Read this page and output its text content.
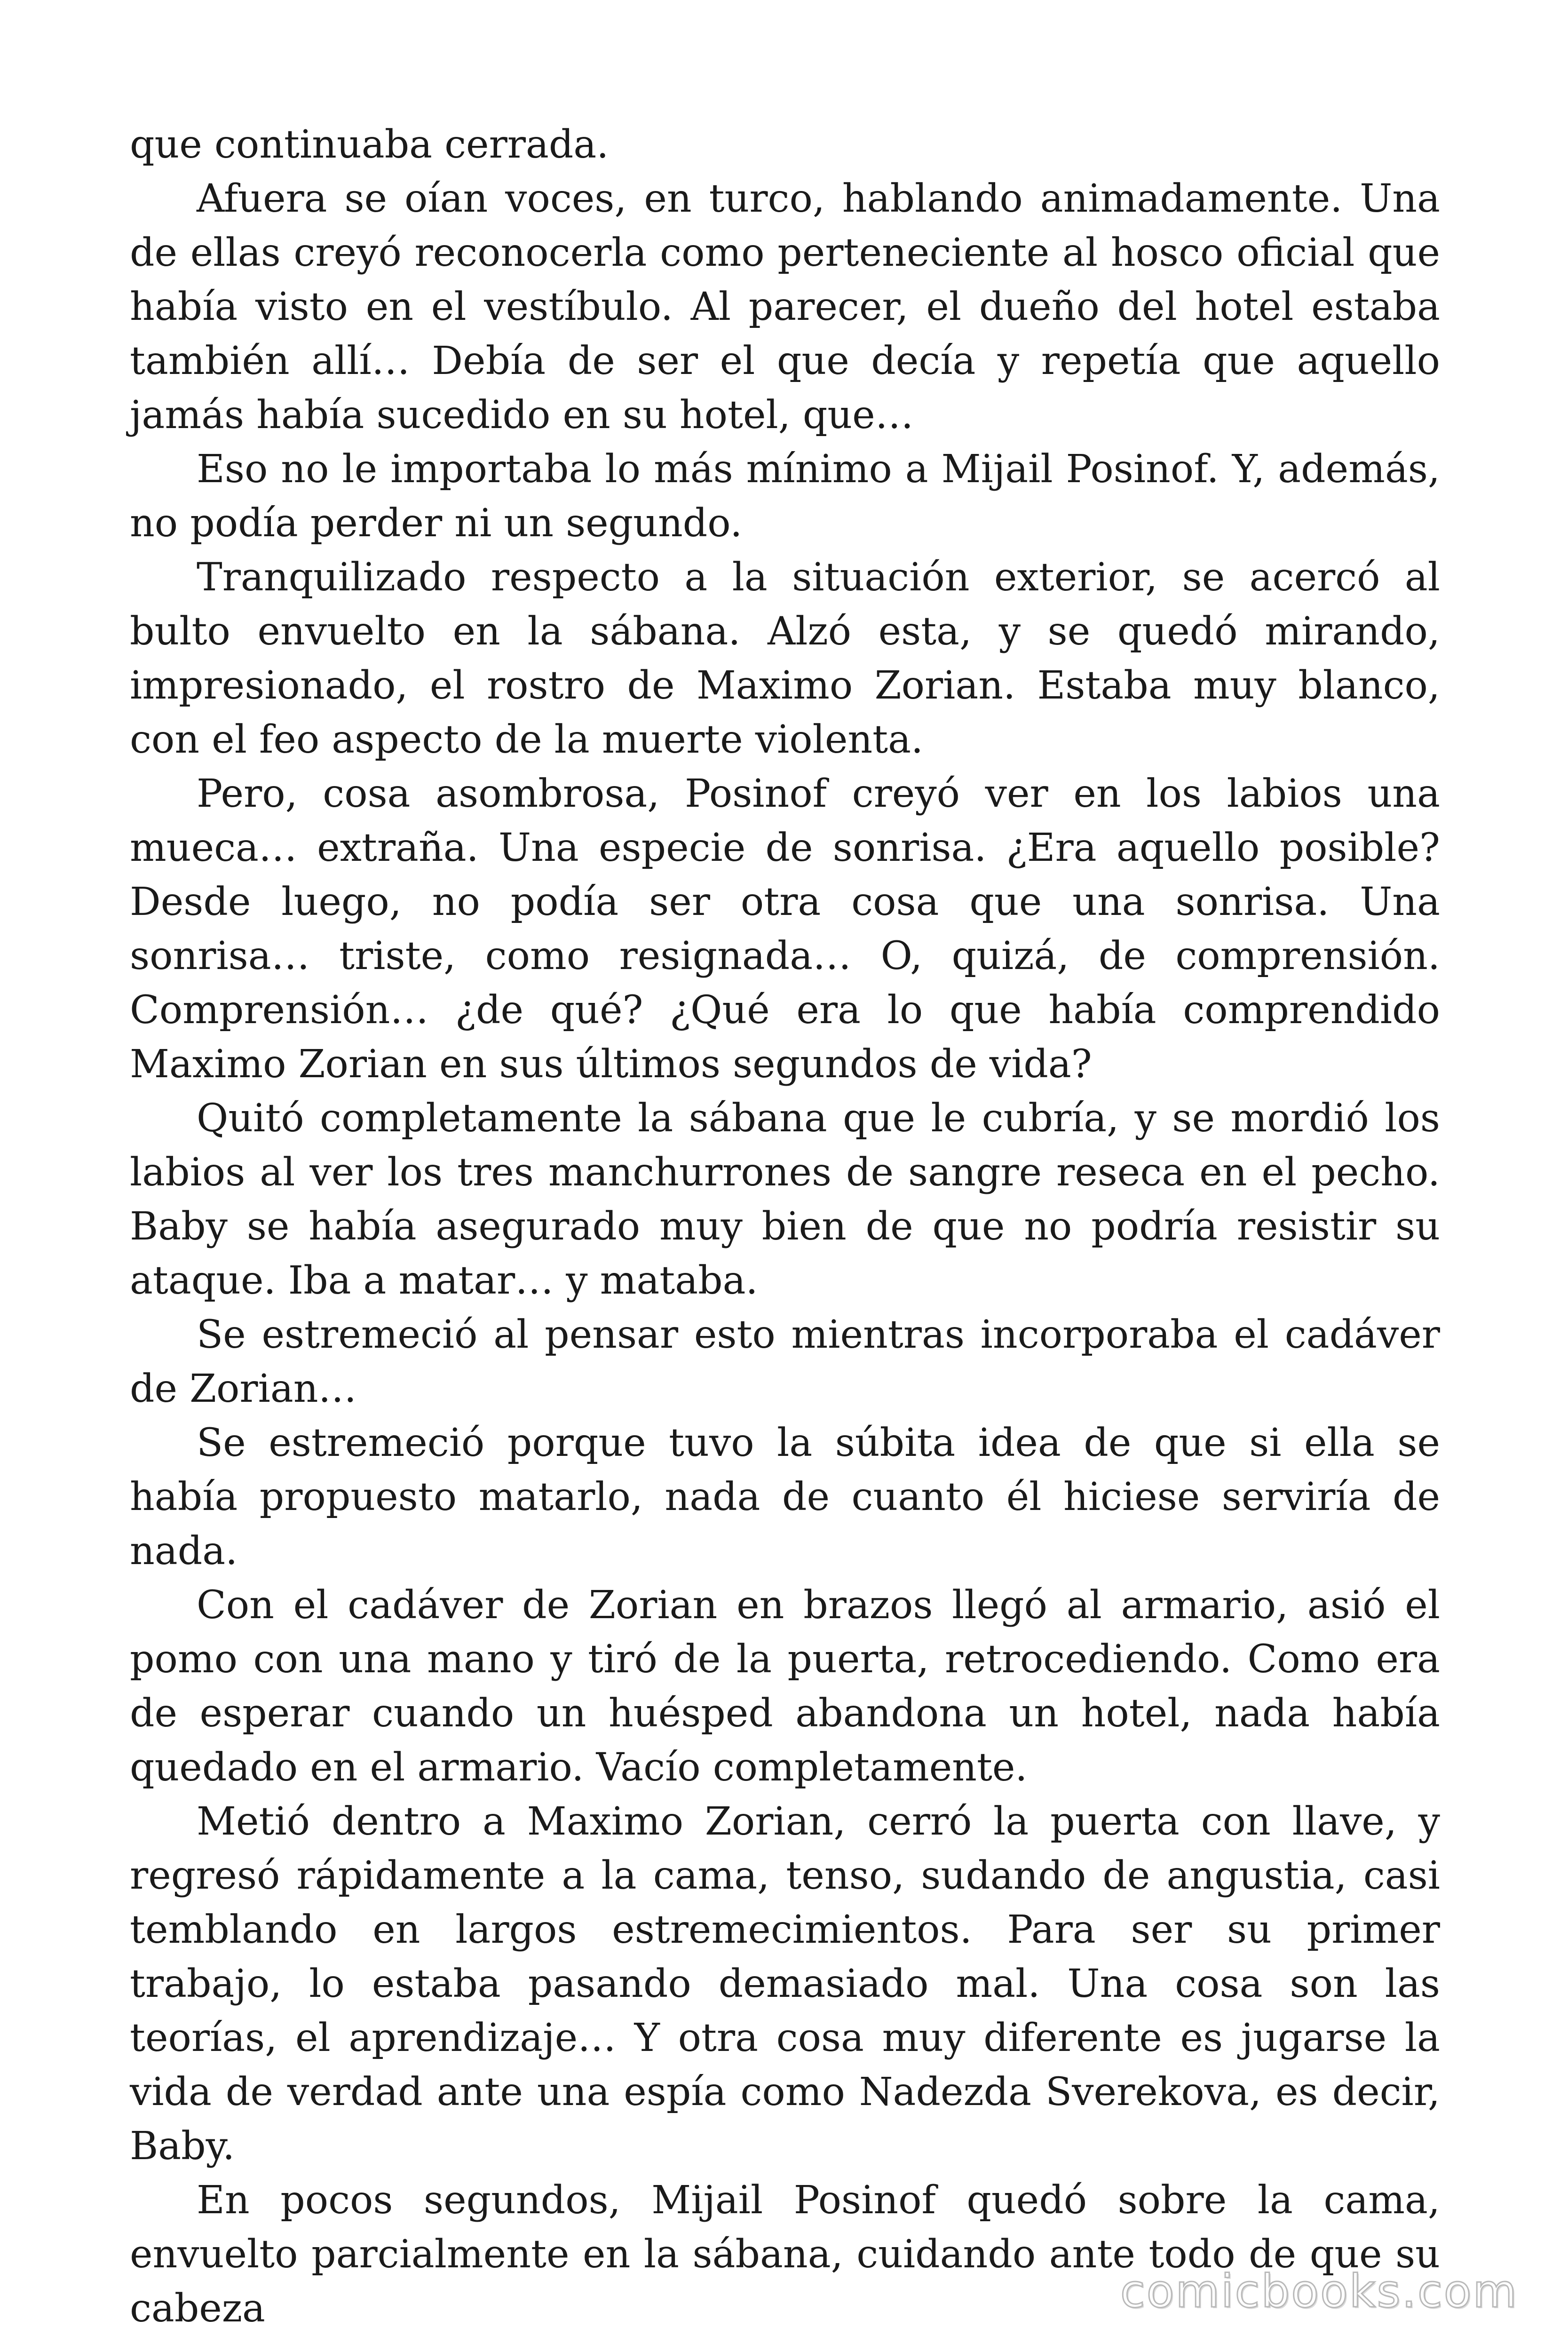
que continuaba cerrada.

Afuera se oían voces, en turco, hablando animadamente. Una de ellas creyó reconocerla como perteneciente al hosco oficial que había visto en el vestíbulo. Al parecer, el dueño del hotel estaba también allí… Debía de ser el que decía y repetía que aquello jamás había sucedido en su hotel, que…

Eso no le importaba lo más mínimo a Mijail Posinof. Y, además, no podía perder ni un segundo.

Tranquilizado respecto a la situación exterior, se acercó al bulto envuelto en la sábana. Alzó esta, y se quedó mirando, impresionado, el rostro de Maximo Zorian. Estaba muy blanco, con el feo aspecto de la muerte violenta.

Pero, cosa asombrosa, Posinof creyó ver en los labios una mueca… extraña. Una especie de sonrisa. ¿Era aquello posible? Desde luego, no podía ser otra cosa que una sonrisa. Una sonrisa… triste, como resignada… O, quizá, de comprensión. Comprensión… ¿de qué? ¿Qué era lo que había comprendido Maximo Zorian en sus últimos segundos de vida?

Quitó completamente la sábana que le cubría, y se mordió los labios al ver los tres manchurrones de sangre reseca en el pecho. Baby se había asegurado muy bien de que no podría resistir su ataque. Iba a matar… y mataba.

Se estremeció al pensar esto mientras incorporaba el cadáver de Zorian…

Se estremeció porque tuvo la súbita idea de que si ella se había propuesto matarlo, nada de cuanto él hiciese serviría de nada.

Con el cadáver de Zorian en brazos llegó al armario, asió el pomo con una mano y tiró de la puerta, retrocediendo. Como era de esperar cuando un huésped abandona un hotel, nada había quedado en el armario. Vacío completamente.

Metió dentro a Maximo Zorian, cerró la puerta con llave, y regresó rápidamente a la cama, tenso, sudando de angustia, casi temblando en largos estremecimientos. Para ser su primer trabajo, lo estaba pasando demasiado mal. Una cosa son las teorías, el aprendizaje… Y otra cosa muy diferente es jugarse la vida de verdad ante una espía como Nadezda Sverekova, es decir, Baby.

En pocos segundos, Mijail Posinof quedó sobre la cama, envuelto parcialmente en la sábana, cuidando ante todo de que su cabeza	comicbooks.com
